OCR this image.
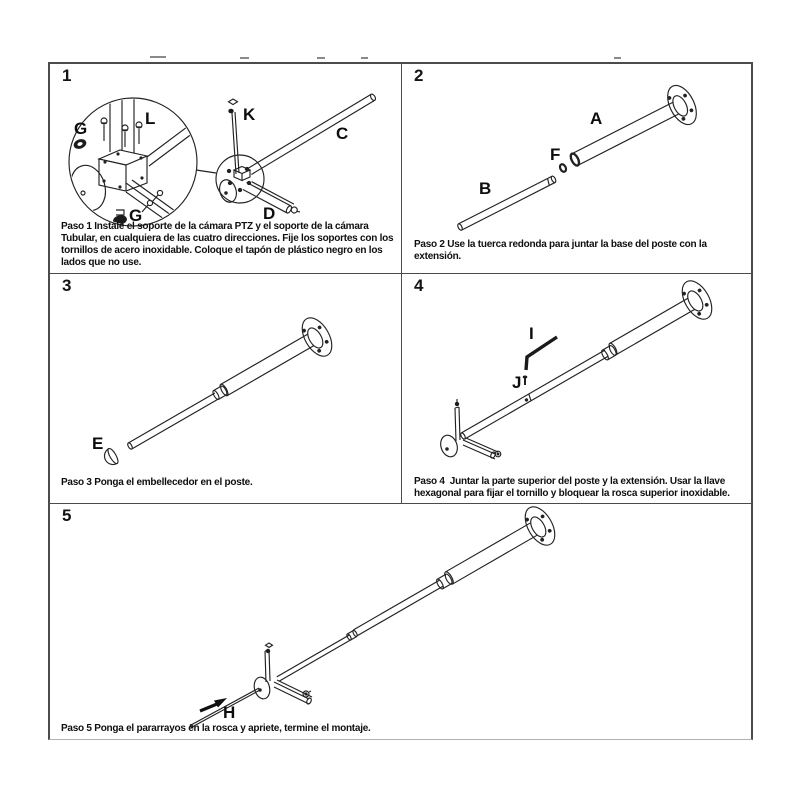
1
G
L	K
C
D
G
Paso 1 Instale el soporte de la cámara PTZ y el soporte de la cámara Tubular, en cualquiera de las cuatro direcciones. Fije los soportes con los tornillos de acero inoxidable. Coloque el tapón de plástico negro en los lados que no use.
2
A
F
B
Paso 2 Use la tuerca redonda para juntar la base del poste con la extensión.
3
E
Paso 3 Ponga el embellecedor en el poste.
4
I
J
Paso 4  Juntar la parte superior del poste y la extensión. Usar la llave hexagonal para fijar el tornillo y bloquear la rosca superior inoxidable.
5
H
Paso 5 Ponga el pararrayos en la rosca y apriete, termine el montaje.
